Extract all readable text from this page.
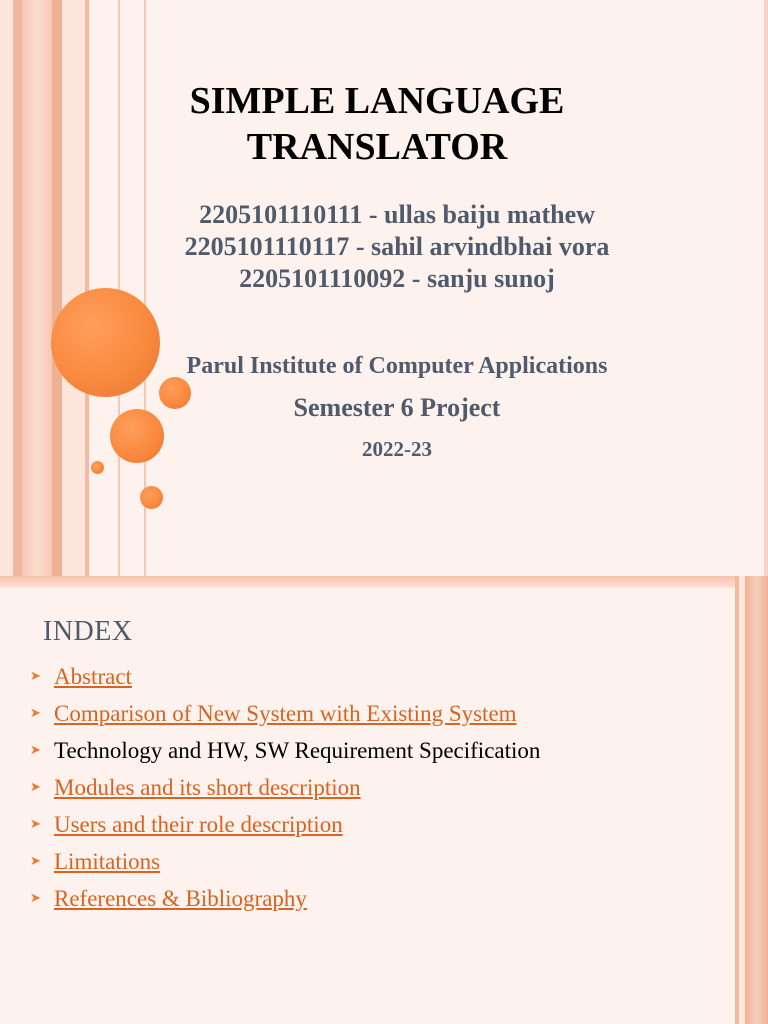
SIMPLE LANGUAGE
TRANSLATOR
2205101110111 - ullas baiju mathew
2205101110117 - sahil arvindbhai vora
2205101110092 - sanju sunoj
Parul Institute of Computer Applications
Semester 6 Project
2022-23
INDEX
➤ Abstract
➤ Comparison of New System with Existing System
➤ Technology and HW, SW Requirement Specification
➤ Modules and its short description
➤ Users and their role description
➤ Limitations
➤ References & Bibliography
